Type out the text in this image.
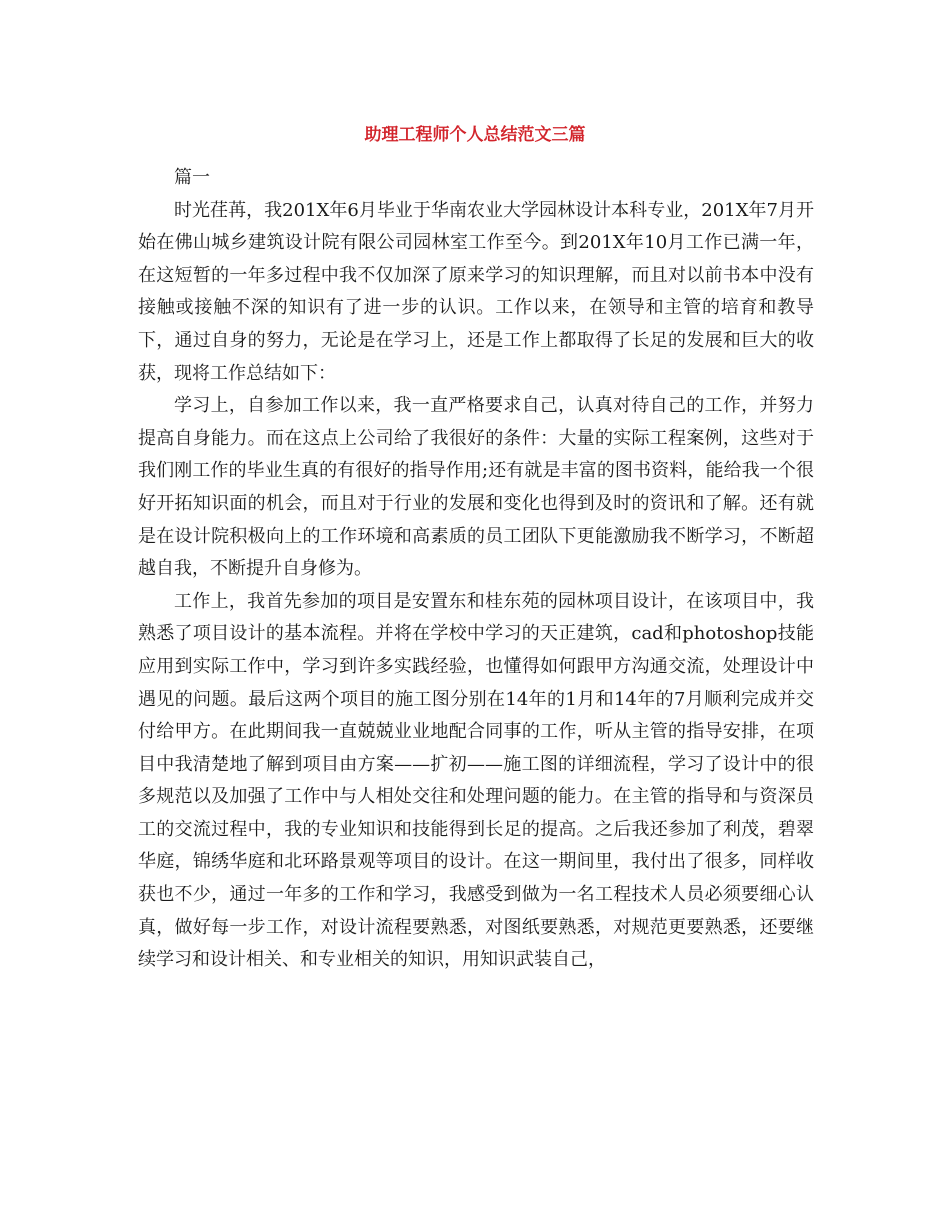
助理工程师个人总结范文三篇

篇一

时光荏苒，我201X年6月毕业于华南农业大学园林设计本科专业，201X年7月开始在佛山城乡建筑设计院有限公司园林室工作至今。到201X年10月工作已满一年，在这短暂的一年多过程中我不仅加深了原来学习的知识理解，而且对以前书本中没有接触或接触不深的知识有了进一步的认识。工作以来，在领导和主管的培育和教导下，通过自身的努力，无论是在学习上，还是工作上都取得了长足的发展和巨大的收获，现将工作总结如下：

学习上，自参加工作以来，我一直严格要求自己，认真对待自己的工作，并努力提高自身能力。而在这点上公司给了我很好的条件：大量的实际工程案例，这些对于我们刚工作的毕业生真的有很好的指导作用;还有就是丰富的图书资料，能给我一个很好开拓知识面的机会，而且对于行业的发展和变化也得到及时的资讯和了解。还有就是在设计院积极向上的工作环境和高素质的员工团队下更能激励我不断学习，不断超越自我，不断提升自身修为。

工作上，我首先参加的项目是安置东和桂东苑的园林项目设计，在该项目中，我熟悉了项目设计的基本流程。并将在学校中学习的天正建筑，cad和photoshop技能应用到实际工作中，学习到许多实践经验，也懂得如何跟甲方沟通交流，处理设计中遇见的问题。最后这两个项目的施工图分别在14年的1月和14年的7月顺利完成并交付给甲方。在此期间我一直兢兢业业地配合同事的工作，听从主管的指导安排，在项目中我清楚地了解到项目由方案——扩初——施工图的详细流程，学习了设计中的很多规范以及加强了工作中与人相处交往和处理问题的能力。在主管的指导和与资深员工的交流过程中，我的专业知识和技能得到长足的提高。之后我还参加了利茂，碧翠华庭，锦绣华庭和北环路景观等项目的设计。在这一期间里，我付出了很多，同样收获也不少，通过一年多的工作和学习，我感受到做为一名工程技术人员必须要细心认真，做好每一步工作，对设计流程要熟悉，对图纸要熟悉，对规范更要熟悉，还要继续学习和设计相关、和专业相关的知识，用知识武装自己，
